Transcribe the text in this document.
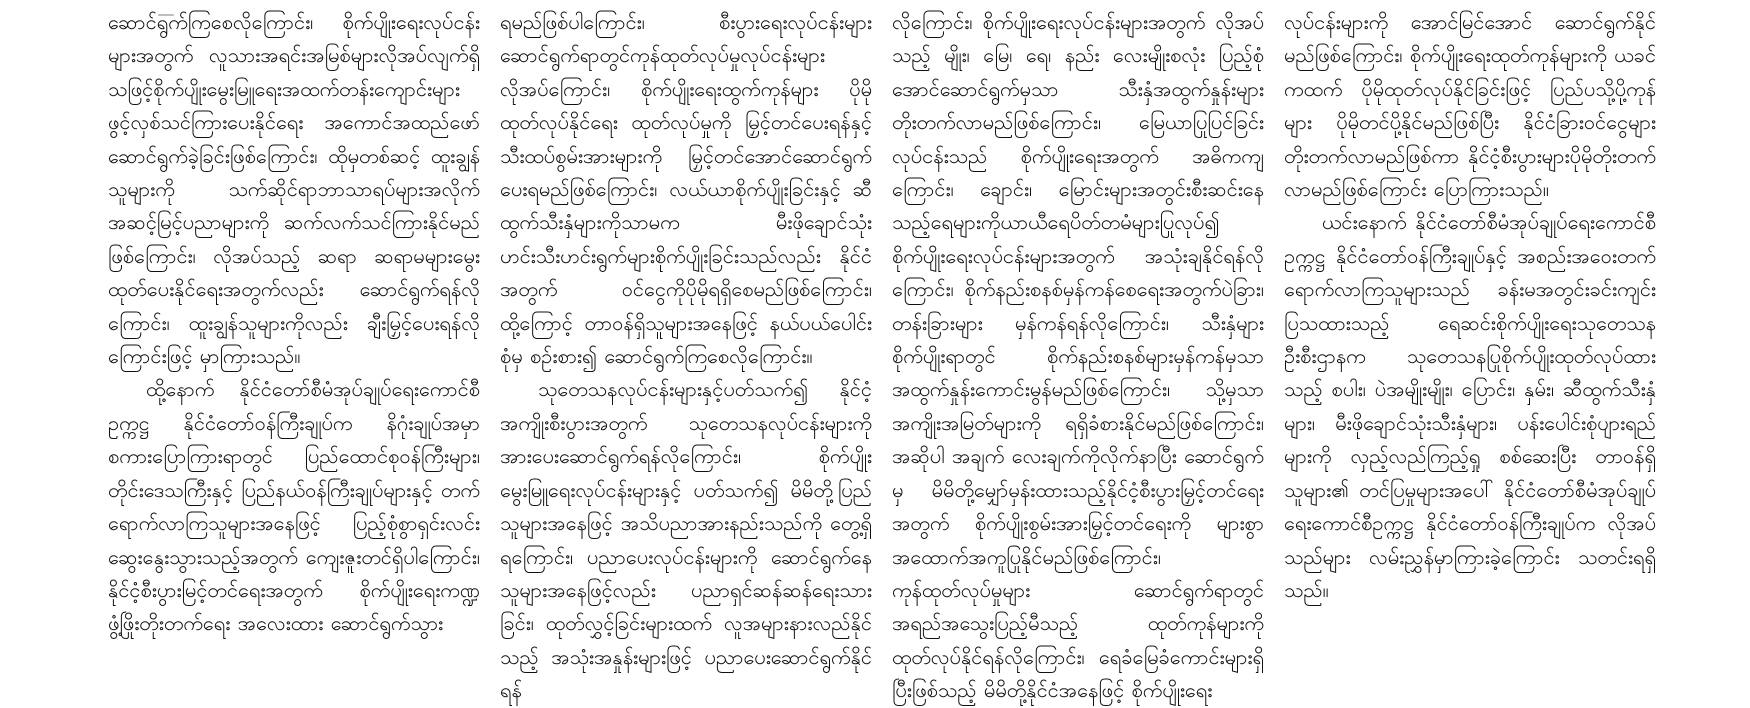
ဆောင်ရွက်ကြစေလိုကြောင်း၊ စိုက်ပျိုးရေးလုပ်ငန်းများအတွက် လူသားအရင်းအမြစ်များလိုအပ်လျက်ရှိသဖြင့်စိုက်ပျိုးမွေးမြူရေးအထက်တန်းကျောင်းများဖွင့်လှစ်သင်ကြားပေးနိုင်ရေး အကောင်အထည်ဖော်ဆောင်ရွက်ခဲ့ခြင်းဖြစ်ကြောင်း၊ ထိုမှတစ်ဆင့် ထူးချွန်သူများကို သက်ဆိုင်ရာဘာသာရပ်များအလိုက်အဆင့်မြင့်ပညာများကို ဆက်လက်သင်ကြားနိုင်မည်ဖြစ်ကြောင်း၊ လိုအပ်သည့် ဆရာ ဆရာမများမွေးထုတ်ပေးနိုင်ရေးအတွက်လည်း ဆောင်ရွက်ရန်လိုကြောင်း၊ ထူးချွန်သူများကိုလည်း ချီးမြှင့်ပေးရန်လိုကြောင်းဖြင့် မှာကြားသည်။

ထို့နောက် နိုင်ငံတော်စီမံအုပ်ချုပ်ရေးကောင်စီဥက္ကဋ္ဌ နိုင်ငံတော်ဝန်ကြီးချုပ်က နိဂုံးချုပ်အမှာစကားပြောကြားရာတွင် ပြည်ထောင်စုဝန်ကြီးများ၊ တိုင်းဒေသကြီးနှင့် ပြည်နယ်ဝန်ကြီးချုပ်များနှင့် တက်ရောက်လာကြသူများအနေဖြင့် ပြည့်စုံစွာရှင်းလင်းဆွေးနွေးသွားသည့်အတွက် ကျေးဇူးတင်ရှိပါကြောင်း၊ နိုင်ငံ့စီးပွားမြင့်တင်ရေးအတွက် စိုက်ပျိုးရေးကဏ္ဍဖွံ့ဖြိုးတိုးတက်ရေး အလေးထား ဆောင်ရွက်သွား

ရမည်ဖြစ်ပါကြောင်း၊ စီးပွားရေးလုပ်ငန်းများဆောင်ရွက်ရာတွင်ကုန်ထုတ်လုပ်မှုလုပ်ငန်းများ လိုအပ်ကြောင်း၊ စိုက်ပျိုးရေးထွက်ကုန်များ ပိုမိုထုတ်လုပ်နိုင်ရေး ထုတ်လုပ်မှုကို မြှင့်တင်ပေးရန်နှင့် သီးထပ်စွမ်းအားများကို မြှင့်တင်အောင်ဆောင်ရွက်ပေးရမည်ဖြစ်ကြောင်း၊ လယ်ယာစိုက်ပျိုးခြင်းနှင့် ဆီထွက်သီးနှံများကိုသာမက မီးဖိုချောင်သုံး ဟင်းသီးဟင်းရွက်များစိုက်ပျိုးခြင်းသည်လည်း နိုင်ငံအတွက် ဝင်ငွေကိုပိုမိုရရှိစေမည်ဖြစ်ကြောင်း၊ ထို့ကြောင့် တာဝန်ရှိသူများအနေဖြင့် နယ်ပယ်ပေါင်းစုံမှ စဉ်းစား၍ ဆောင်ရွက်ကြစေလိုကြောင်း။

သုတေသနလုပ်ငန်းများနှင့်ပတ်သက်၍ နိုင်ငံ့အကျိုးစီးပွားအတွက် သုတေသနလုပ်ငန်းများကိုအားပေးဆောင်ရွက်ရန်လိုကြောင်း၊ စိုက်ပျိုးမွေးမြူရေးလုပ်ငန်းများနှင့် ပတ်သက်၍ မိမိတို့ပြည်သူများအနေဖြင့် အသိပညာအားနည်းသည်ကို တွေ့ရှိရကြောင်း၊ ပညာပေးလုပ်ငန်းများကို ဆောင်ရွက်နေသူများအနေဖြင့်လည်း ပညာရှင်ဆန်ဆန်ရေးသားခြင်း၊ ထုတ်လွှင့်ခြင်းများထက် လူအများနားလည်နိုင်သည့် အသုံးအနှုန်းများဖြင့် ပညာပေးဆောင်ရွက်နိုင်ရန်

လိုကြောင်း၊ စိုက်ပျိုးရေးလုပ်ငန်းများအတွက် လိုအပ်သည့် မျိုး၊ မြေ၊ ရေ၊ နည်း လေးမျိုးစလုံး ပြည့်စုံအောင်ဆောင်ရွက်မှသာ သီးနှံအထွက်နှုန်းများ တိုးတက်လာမည်ဖြစ်ကြောင်း၊ မြေယာပြုပြင်ခြင်းလုပ်ငန်းသည် စိုက်ပျိုးရေးအတွက် အဓိကကျကြောင်း၊ ချောင်း၊ မြောင်းများအတွင်းစီးဆင်းနေသည့်ရေများကိုယာယီရေပိတ်တမံများပြုလုပ်၍ စိုက်ပျိုးရေးလုပ်ငန်းများအတွက် အသုံးချနိုင်ရန်လိုကြောင်း၊ စိုက်နည်းစနစ်မှန်ကန်စေရေးအတွက်ပဲခြား၊ တန်းခြားများ မှန်ကန်ရန်လိုကြောင်း၊ သီးနှံများစိုက်ပျိုးရာတွင် စိုက်နည်းစနစ်များမှန်ကန်မှသာ အထွက်နှုန်းကောင်းမွန်မည်ဖြစ်ကြောင်း၊ သို့မှသာ အကျိုးအမြတ်များကို ရရှိခံစားနိုင်မည်ဖြစ်ကြောင်း၊ အဆိုပါ အချက် လေးချက်ကိုလိုက်နာပြီး ဆောင်ရွက်မှ မိမိတို့မျှော်မှန်းထားသည့်နိုင်ငံ့စီးပွားမြှင့်တင်ရေးအတွက် စိုက်ပျိုးစွမ်းအားမြှင့်တင်ရေးကို များစွာအထောက်အကူပြုနိုင်မည်ဖြစ်ကြောင်း၊ ကုန်ထုတ်လုပ်မှုများ ဆောင်ရွက်ရာတွင် အရည်အသွေးပြည့်မီသည့် ထုတ်ကုန်များကိုထုတ်လုပ်နိုင်ရန်လိုကြောင်း၊ ရေခံမြေခံကောင်းများရှိပြီးဖြစ်သည့် မိမိတို့နိုင်ငံအနေဖြင့် စိုက်ပျိုးရေး

လုပ်ငန်းများကို အောင်မြင်အောင် ဆောင်ရွက်နိုင်မည်ဖြစ်ကြောင်း၊ စိုက်ပျိုးရေးထုတ်ကုန်များကို ယခင်ကထက် ပိုမိုထုတ်လုပ်နိုင်ခြင်းဖြင့် ပြည်ပသို့ပို့ကုန်များ ပိုမိုတင်ပို့နိုင်မည်ဖြစ်ပြီး နိုင်ငံခြားဝင်ငွေများ တိုးတက်လာမည်ဖြစ်ကာ နိုင်ငံ့စီးပွားများပိုမိုတိုးတက်လာမည်ဖြစ်ကြောင်း ပြောကြားသည်။

ယင်းနောက် နိုင်ငံတော်စီမံအုပ်ချုပ်ရေးကောင်စီဥက္ကဋ္ဌ နိုင်ငံတော်ဝန်ကြီးချုပ်နှင့် အစည်းအဝေးတက်ရောက်လာကြသူများသည် ခန်းမအတွင်းခင်းကျင်းပြသထားသည့် ရေဆင်းစိုက်ပျိုးရေးသုတေသနဦးစီးဌာနက သုတေသနပြုစိုက်ပျိုးထုတ်လုပ်ထားသည့် စပါး၊ ပဲအမျိုးမျိုး၊ ပြောင်း၊ နှမ်း၊ ဆီထွက်သီးနှံများ၊ မီးဖိုချောင်သုံးသီးနှံများ၊ ပန်းပေါင်းစုံပျားရည်များကို လှည့်လည်ကြည့်ရှု စစ်ဆေးပြီး တာဝန်ရှိသူများ၏ တင်ပြမှုများအပေါ် နိုင်ငံတော်စီမံအုပ်ချုပ်ရေးကောင်စီဥက္ကဋ္ဌ နိုင်ငံတော်ဝန်ကြီးချုပ်က လိုအပ်သည်များ လမ်းညွှန်မှာကြားခဲ့ကြောင်း သတင်းရရှိသည်။
